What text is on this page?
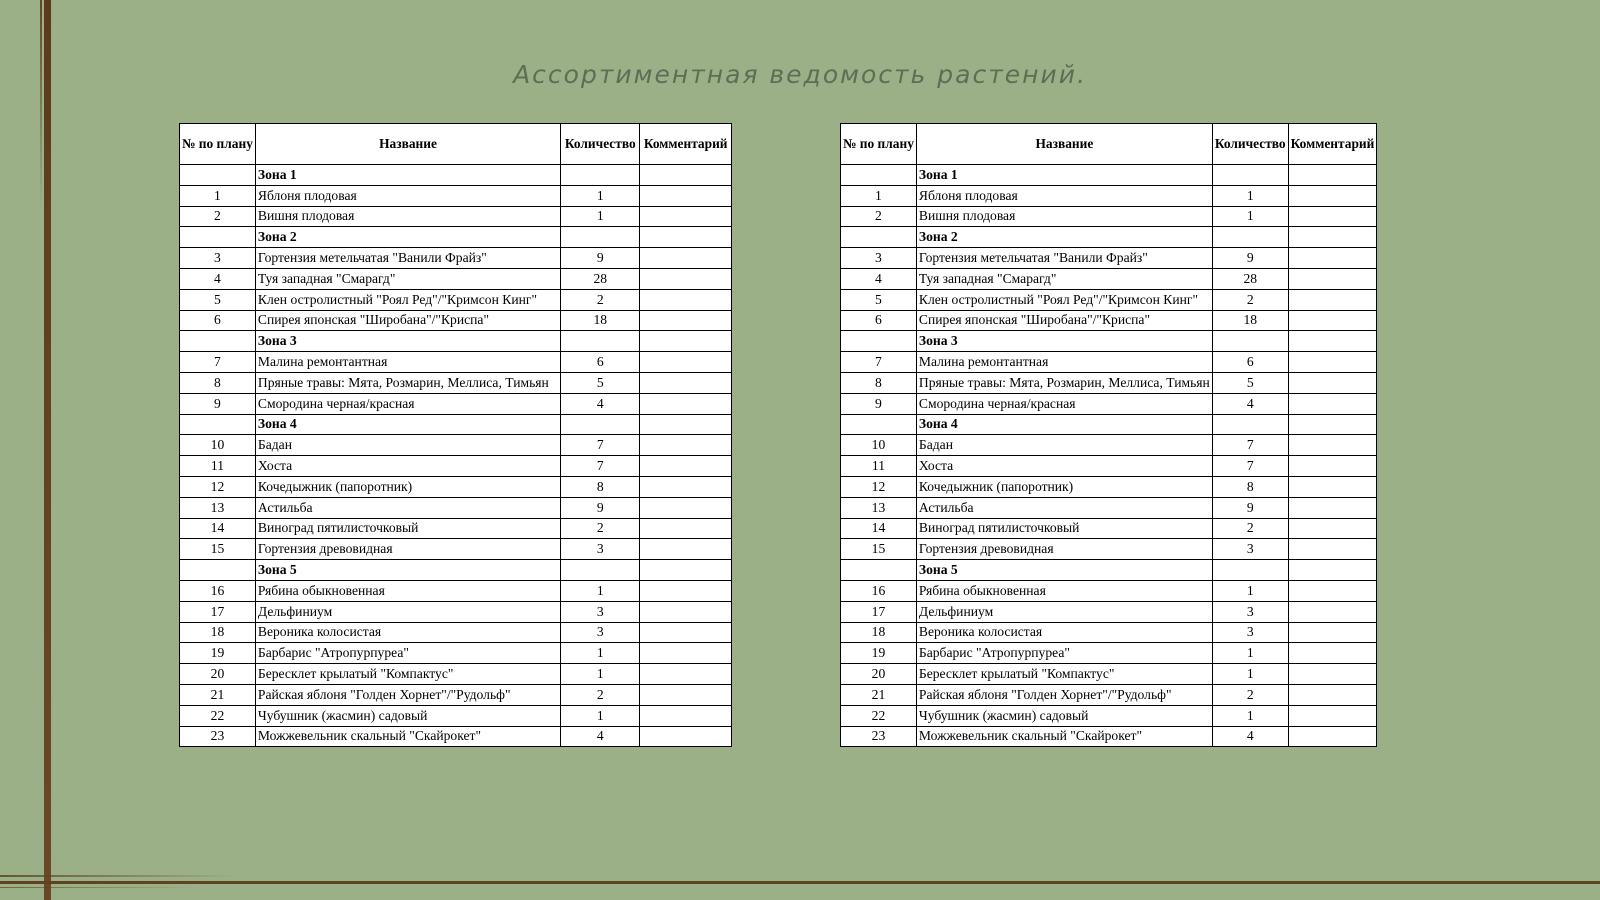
Ассортиментная ведомость растений.
№ по плану	Название	Количество	Комментарий
	Зона 1		
1	Яблоня плодовая	1	
2	Вишня плодовая	1	
	Зона 2		
3	Гортензия метельчатая "Ванили Фрайз"	9	
4	Туя западная "Смарагд"	28	
5	Клен остролистный "Роял Ред"/"Кримсон Кинг"	2	
6	Спирея японская "Широбана"/"Криспа"	18	
	Зона 3		
7	Малина ремонтантная	6	
8	Пряные травы: Мята, Розмарин, Меллиса, Тимьян	5	
9	Смородина черная/красная	4	
	Зона 4		
10	Бадан	7	
11	Хоста	7	
12	Кочедыжник (папоротник)	8	
13	Астильба	9	
14	Виноград пятилисточковый	2	
15	Гортензия древовидная	3	
	Зона 5		
16	Рябина обыкновенная	1	
17	Дельфиниум	3	
18	Вероника колосистая	3	
19	Барбарис "Атропурпуреа"	1	
20	Бересклет крылатый "Компактус"	1	
21	Райская яблоня "Голден Хорнет"/"Рудольф"	2	
22	Чубушник (жасмин) садовый	1	
23	Можжевельник скальный "Скайрокет"	4	
№ по плану	Название	Количество	Комментарий
	Зона 1		
1	Яблоня плодовая	1	
2	Вишня плодовая	1	
	Зона 2		
3	Гортензия метельчатая "Ванили Фрайз"	9	
4	Туя западная "Смарагд"	28	
5	Клен остролистный "Роял Ред"/"Кримсон Кинг"	2	
6	Спирея японская "Широбана"/"Криспа"	18	
	Зона 3		
7	Малина ремонтантная	6	
8	Пряные травы: Мята, Розмарин, Меллиса, Тимьян	5	
9	Смородина черная/красная	4	
	Зона 4		
10	Бадан	7	
11	Хоста	7	
12	Кочедыжник (папоротник)	8	
13	Астильба	9	
14	Виноград пятилисточковый	2	
15	Гортензия древовидная	3	
	Зона 5		
16	Рябина обыкновенная	1	
17	Дельфиниум	3	
18	Вероника колосистая	3	
19	Барбарис "Атропурпуреа"	1	
20	Бересклет крылатый "Компактус"	1	
21	Райская яблоня "Голден Хорнет"/"Рудольф"	2	
22	Чубушник (жасмин) садовый	1	
23	Можжевельник скальный "Скайрокет"	4	
